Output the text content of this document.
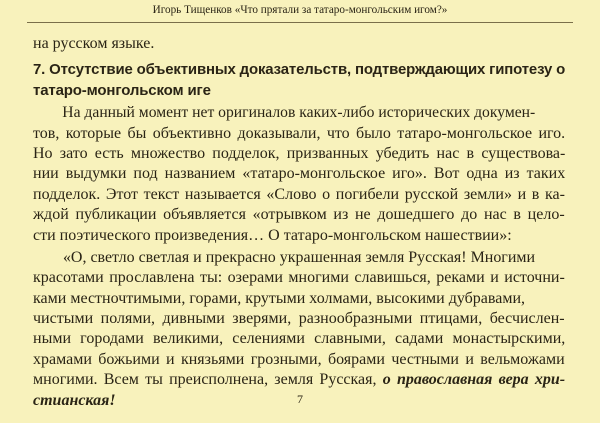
Игорь Тищенков «Что прятали за татаро-монгольским игом?»
на русском языке.
7. Отсутствие объективных доказательств, подтверждающих гипотезу о
татаро-монгольском иге
На данный момент нет оригиналов каких-либо исторических докумен-
тов, которые бы объективно доказывали, что было татаро-монгольское иго.
Но зато есть множество подделок, призванных убедить нас в существова-
нии выдумки под названием «татаро-монгольское иго». Вот одна из таких
подделок. Этот текст называется «Слово о погибели русской земли» и в ка-
ждой публикации объявляется «отрывком из не дошедшего до нас в цело-
сти поэтического произведения… О татаро-монгольском нашествии»:
«О, светло светлая и прекрасно украшенная земля Русская! Многими
красотами прославлена ты: озерами многими славишься, реками и источни-
ками местночтимыми, горами, крутыми холмами, высокими дубравами,
чистыми полями, дивными зверями, разнообразными птицами, бесчислен-
ными городами великими, селениями славными, садами монастырскими,
храмами божьими и князьями грозными, боярами честными и вельможами
многими. Всем ты преисполнена, земля Русская, о православная вера хри-
стианская!	7
